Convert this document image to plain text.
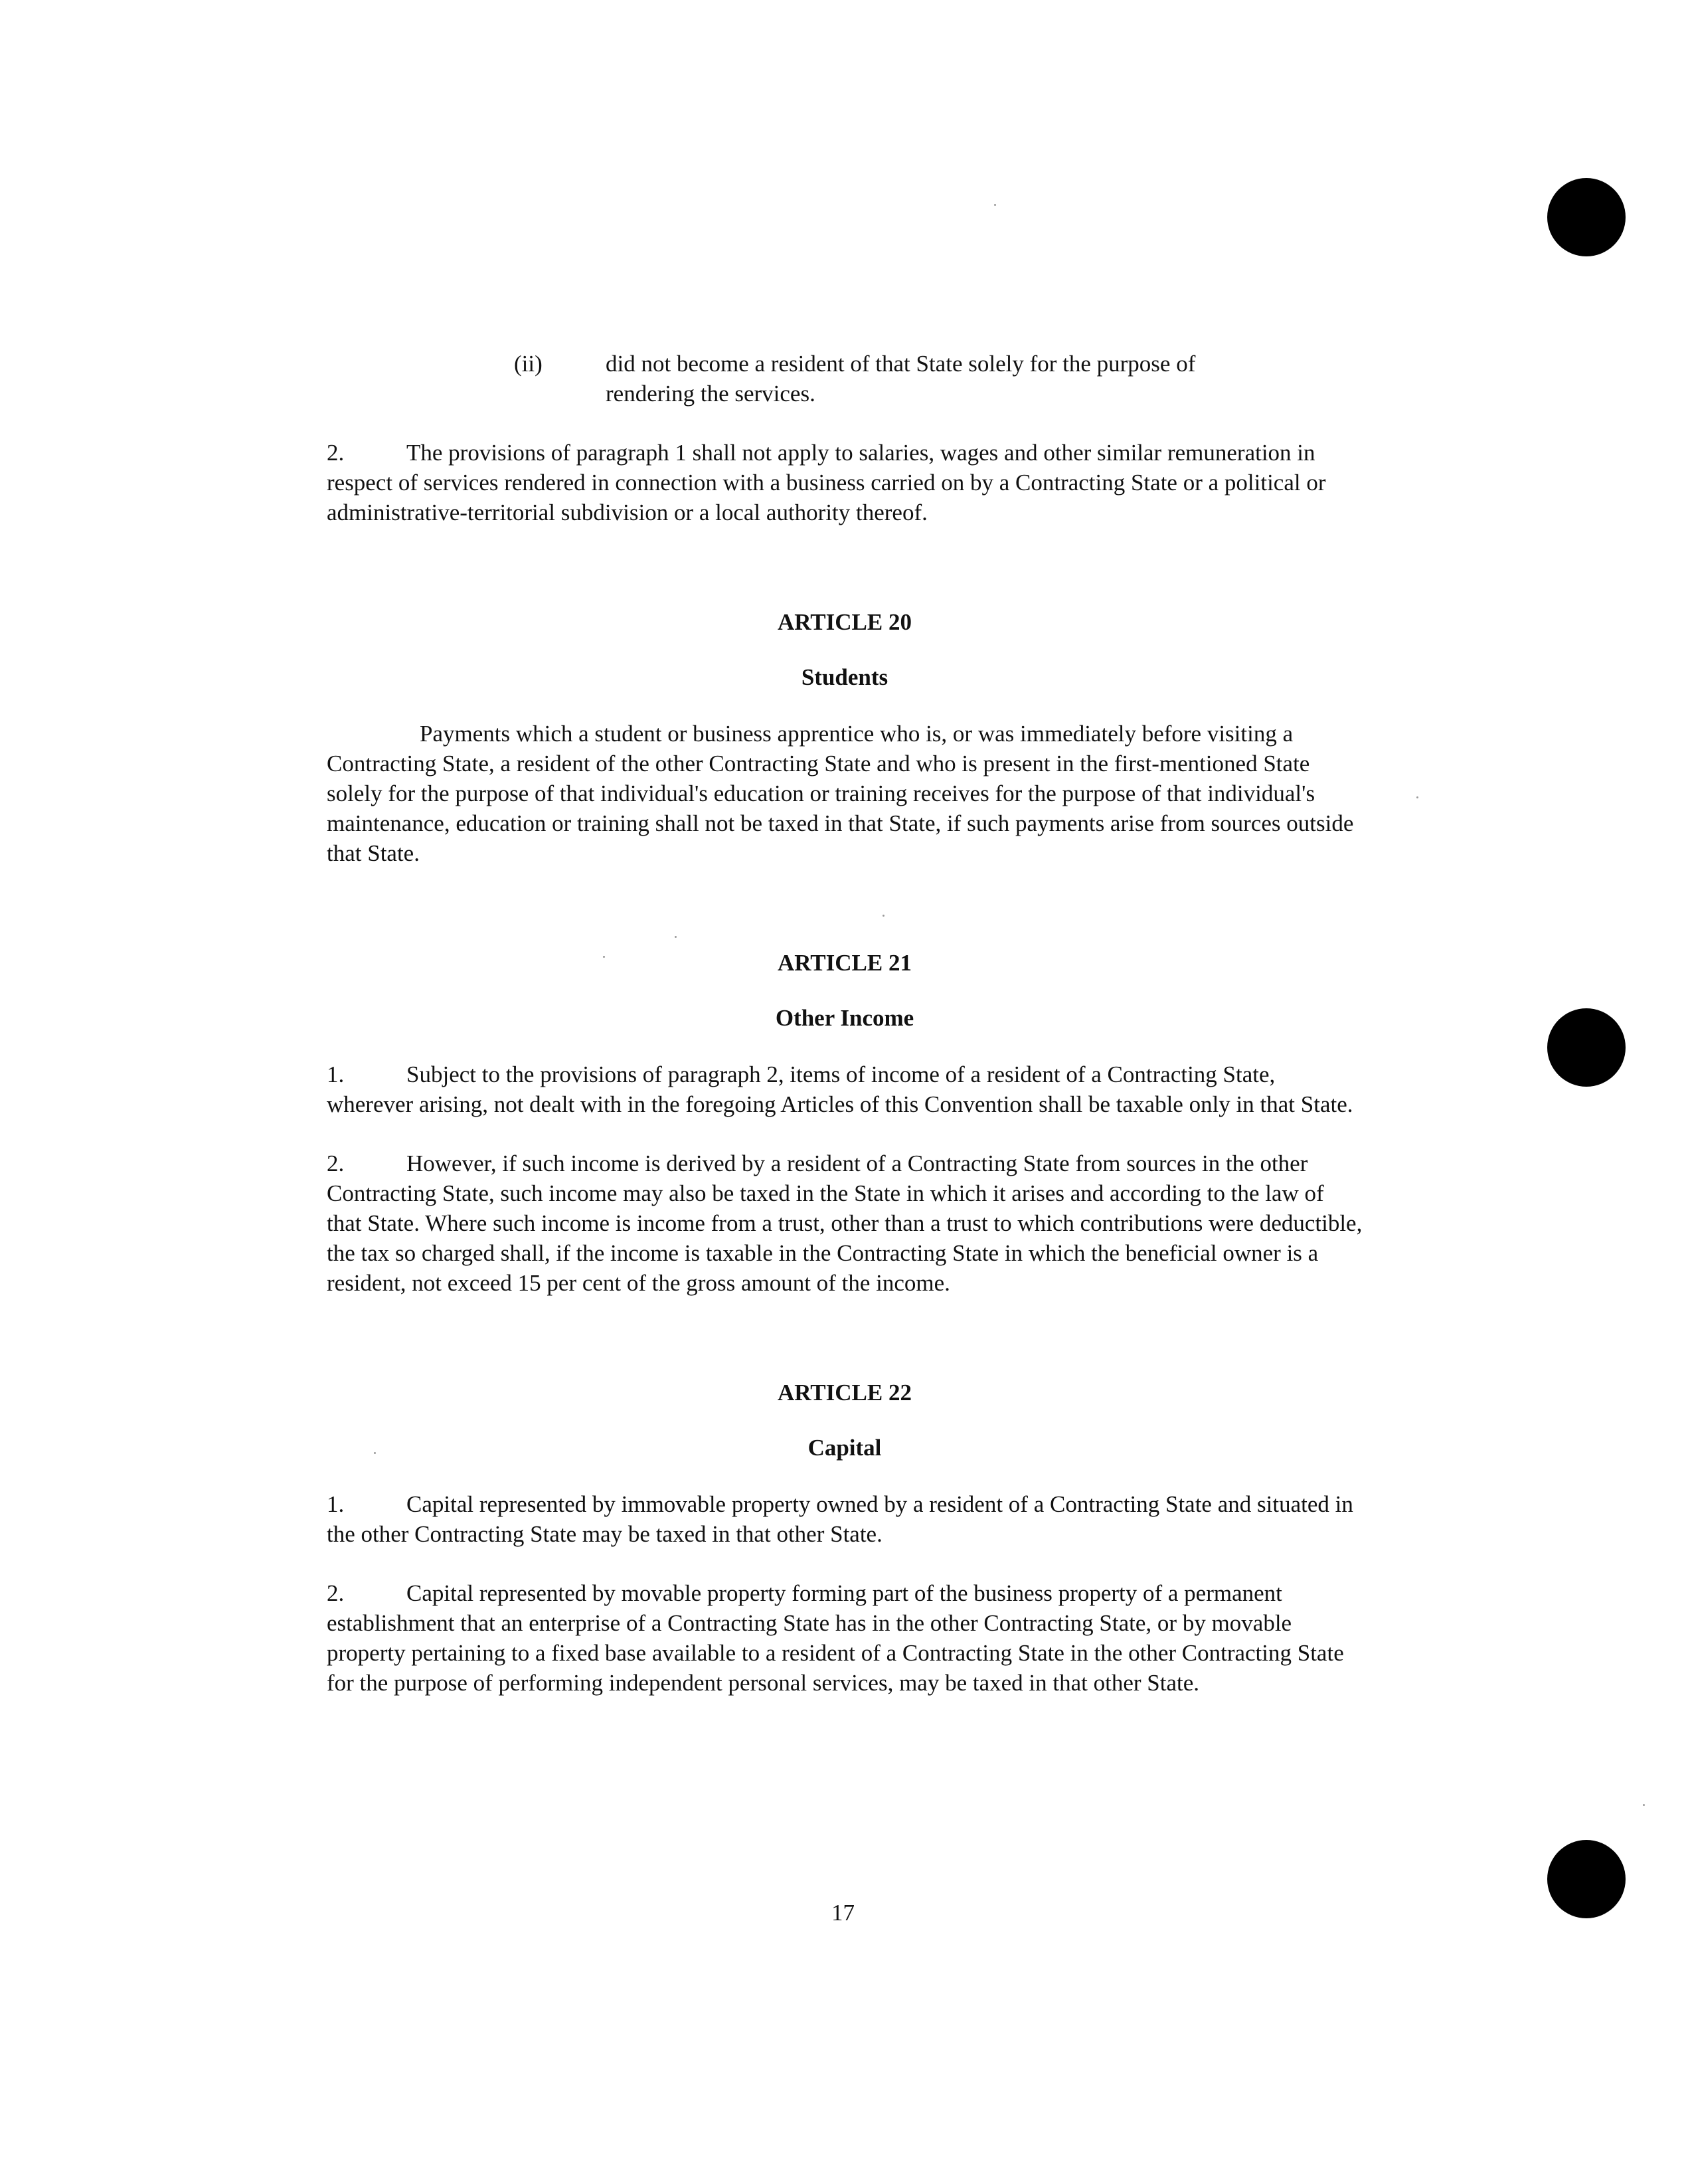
(ii)	did not become a resident of that State solely for the purpose of

rendering the services.

2.	The provisions of paragraph 1 shall not apply to salaries, wages and other similar remuneration in respect of services rendered in connection with a business carried on by a Contracting State or a political or administrative-territorial subdivision or a local authority thereof.

ARTICLE 20

Students

Payments which a student or business apprentice who is, or was immediately before visiting a Contracting State, a resident of the other Contracting State and who is present in the first-mentioned State solely for the purpose of that individual's education or training receives for the purpose of that individual's maintenance, education or training shall not be taxed in that State, if such payments arise from sources outside that State.

ARTICLE 21

Other Income

1.	Subject to the provisions of paragraph 2, items of income of a resident of a Contracting State, wherever arising, not dealt with in the foregoing Articles of this Convention shall be taxable only in that State.

2.	However, if such income is derived by a resident of a Contracting State from sources in the other Contracting State, such income may also be taxed in the State in which it arises and according to the law of that State. Where such income is income from a trust, other than a trust to which contributions were deductible, the tax so charged shall, if the income is taxable in the Contracting State in which the beneficial owner is a resident, not exceed 15 per cent of the gross amount of the income.

ARTICLE 22

Capital

1.	Capital represented by immovable property owned by a resident of a Contracting State and situated in the other Contracting State may be taxed in that other State.

2.	Capital represented by movable property forming part of the business property of a permanent establishment that an enterprise of a Contracting State has in the other Contracting State, or by movable property pertaining to a fixed base available to a resident of a Contracting State in the other Contracting State for the purpose of performing independent personal services, may be taxed in that other State.

17
